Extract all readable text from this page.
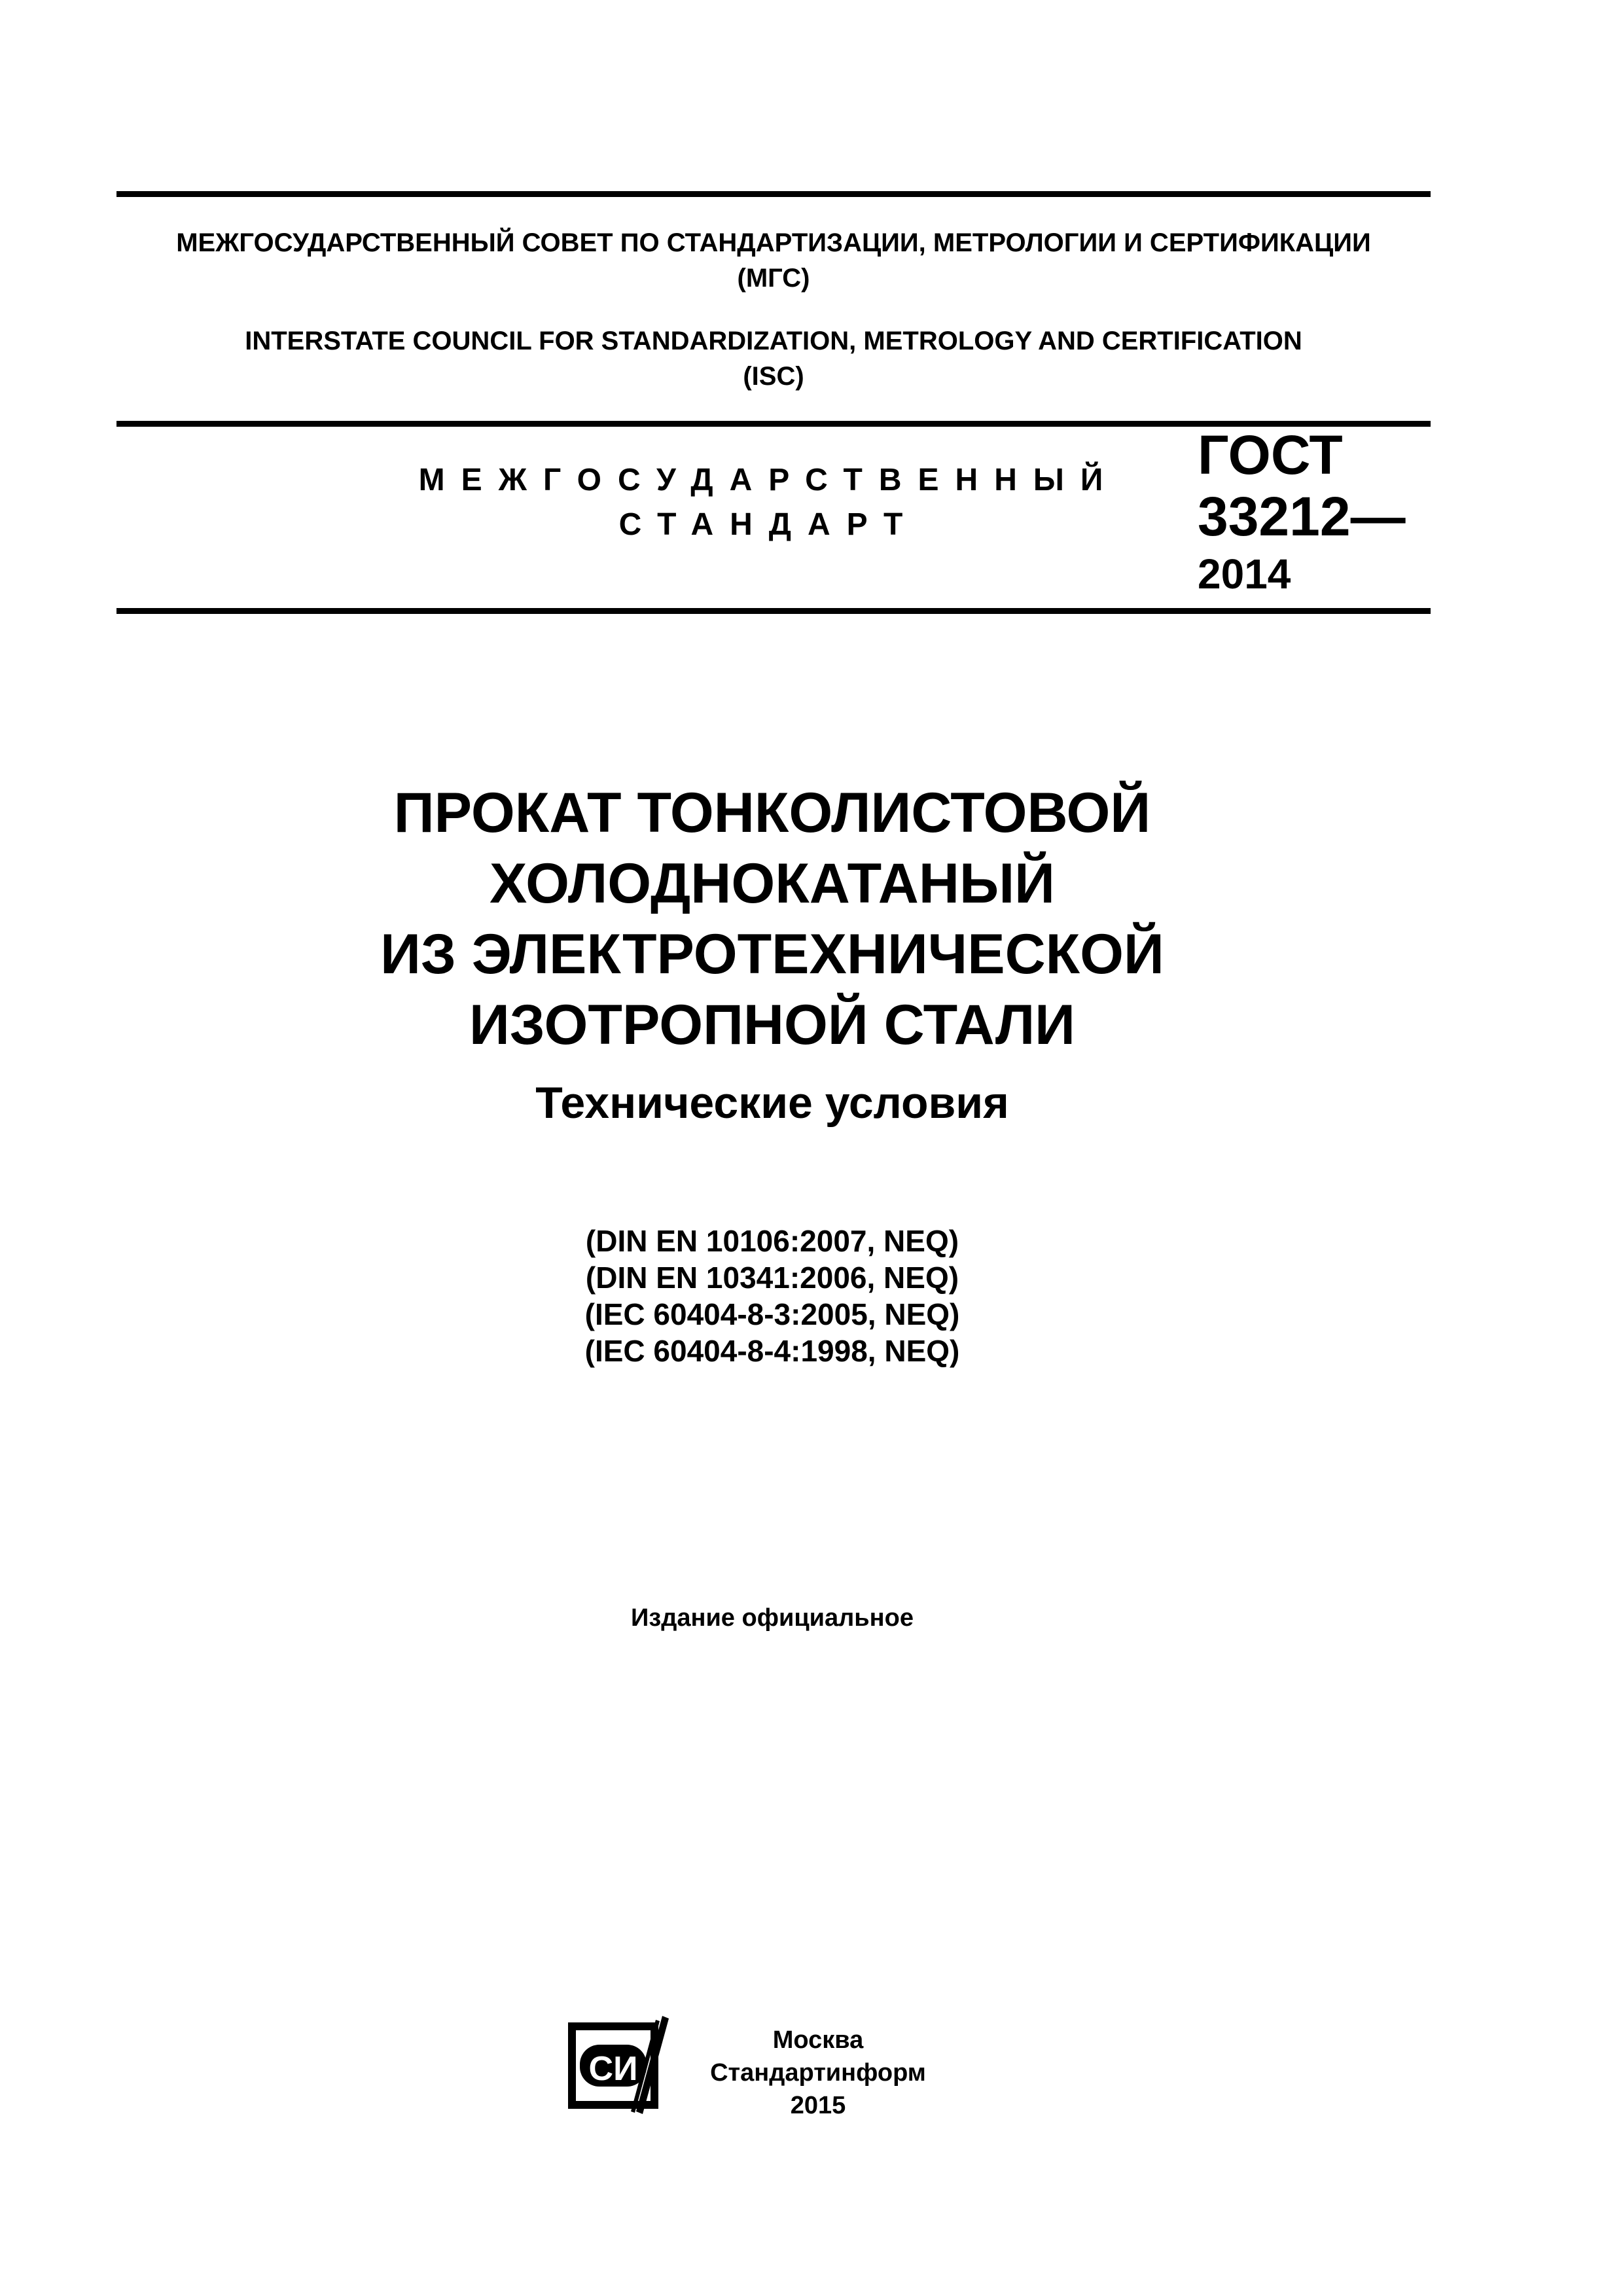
МЕЖГОСУДАРСТВЕННЫЙ СОВЕТ ПО СТАНДАРТИЗАЦИИ, МЕТРОЛОГИИ И СЕРТИФИКАЦИИ
(МГС)
INTERSTATE COUNCIL FOR STANDARDIZATION, METROLOGY AND CERTIFICATION
(ISC)
МЕЖГОСУДАРСТВЕННЫЙ
СТАНДАРТ
ГОСТ
33212—
2014
ПРОКАТ ТОНКОЛИСТОВОЙ
ХОЛОДНОКАТАНЫЙ
ИЗ ЭЛЕКТРОТЕХНИЧЕСКОЙ
ИЗОТРОПНОЙ СТАЛИ
Технические условия
(DIN EN 10106:2007, NEQ)
(DIN EN 10341:2006, NEQ)
(IEC 60404-8-3:2005, NEQ)
(IEC 60404-8-4:1998, NEQ)
Издание официальное
СИ
Москва
Стандартинформ
2015
